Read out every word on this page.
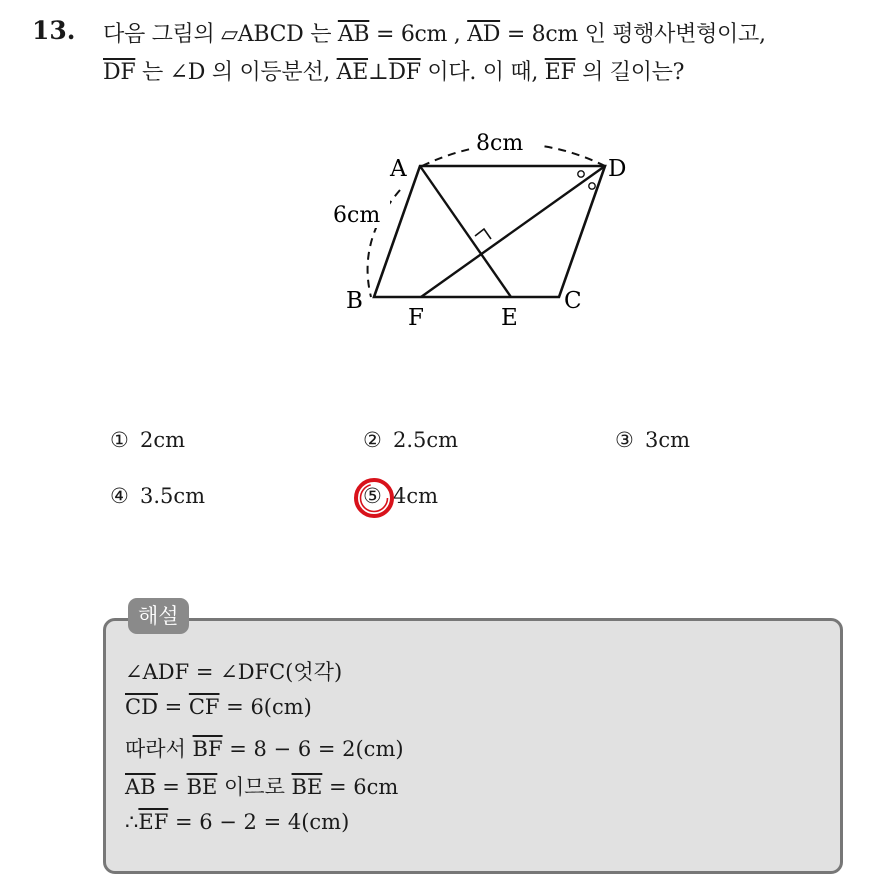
13. 다음 그림의 ▱ABCD 는 $\overline{AB} = 6cm$ , $\overline{AD} = 8cm$ 인 평행사변형이고,
$\overline{DF}$ 는 ∠D 의 이등분선, $\overline{AE}\perp\overline{DF}$ 이다. 이 때, $\overline{EF}$ 의 길이는?
A	D
B	C
F	E
8cm
6cm
① 2cm	② 2.5cm	③ 3cm
④ 3.5cm	⑤ 4cm
해설
∠ADF = ∠DFC(엇각)
$\overline{CD} = \overline{CF} = 6(cm)$
따라서 $\overline{BF} = 8 - 6 = 2(cm)$
$\overline{AB} = \overline{BE}$ 이므로 $\overline{BE} = 6cm$
$\therefore\overline{EF} = 6 - 2 = 4(cm)$
